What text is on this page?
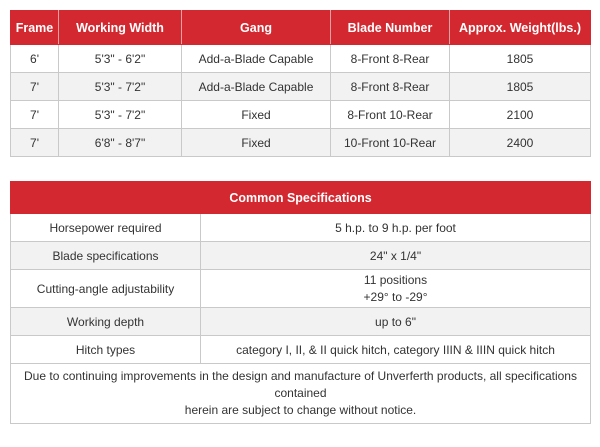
Frame	Working Width	Gang	Blade Number	Approx. Weight(lbs.)
6'	5'3" - 6'2"	Add-a-Blade Capable	8-Front 8-Rear	1805
7'	5'3" - 7'2"	Add-a-Blade Capable	8-Front 8-Rear	1805
7'	5'3" - 7'2"	Fixed	8-Front 10-Rear	2100
7'	6'8" - 8'7"	Fixed	10-Front 10-Rear	2400
Common Specifications	
Horsepower required	5 h.p. to 9 h.p. per foot
Blade specifications	24" x 1/4"
Cutting-angle adjustability	11 positions
+29° to -29°

Working depth	up to 6"
Hitch types	category I, II, & II quick hitch, category IIIN & IIIN quick hitch

Due to continuing improvements in the design and manufacture of Unverferth products, all specifications contained
herein are subject to change without notice.	
